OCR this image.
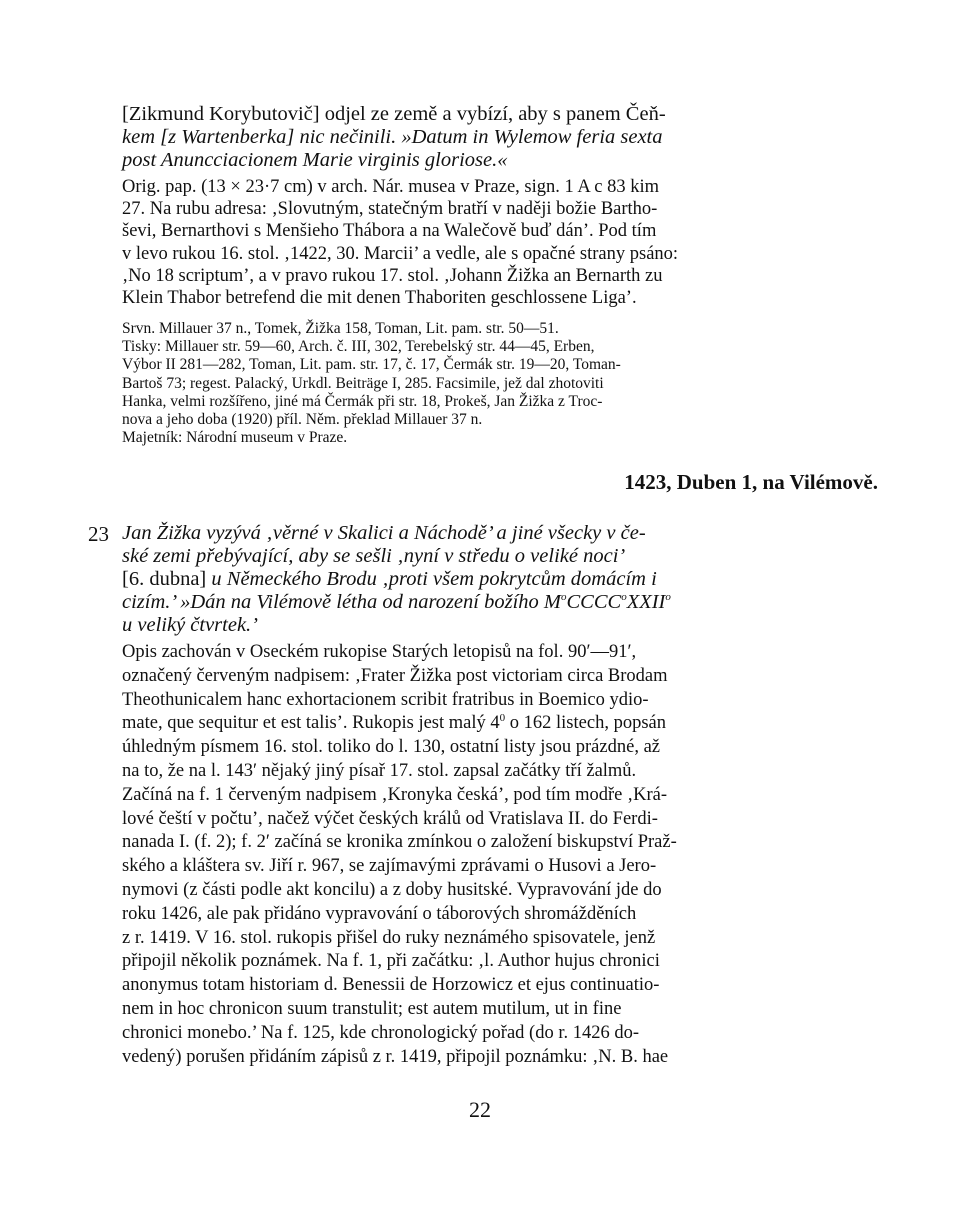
[Zikmund Korybutovič] odjel ze země a vybízí, aby s panem Čeň-
kem [z Wartenberka] nic nečinili. »Datum in Wylemow feria sexta
post Anuncciacionem Marie virginis gloriose.«
Orig. pap. (13 × 23·7 cm) v arch. Nár. musea v Praze, sign. 1 A c 83 kim
27. Na rubu adresa: ‚Slovutným, statečným bratří v naději božie Bartho-
ševi, Bernarthovi s Menšieho Thábora a na Walečově buď dán’. Pod tím
v levo rukou 16. stol. ‚1422, 30. Marcii’ a vedle, ale s opačné strany psáno:
‚No 18 scriptum’, a v pravo rukou 17. stol. ‚Johann Žižka an Bernarth zu
Klein Thabor betrefend die mit denen Thaboriten geschlossene Liga’.
Srvn. Millauer 37 n., Tomek, Žižka 158, Toman, Lit. pam. str. 50—51.
Tisky: Millauer str. 59—60, Arch. č. III, 302, Terebelský str. 44—45, Erben,
Výbor II 281—282, Toman, Lit. pam. str. 17, č. 17, Čermák str. 19—20, Toman-
Bartoš 73; regest. Palacký, Urkdl. Beiträge I, 285. Facsimile, jež dal zhotoviti
Hanka, velmi rozšířeno, jiné má Čermák při str. 18, Prokeš, Jan Žižka z Troc-
nova a jeho doba (1920) příl. Něm. překlad Millauer 37 n.
Majetník: Národní museum v Praze.
1423, Duben 1, na Vilémově.
23 Jan Žižka vyzývá ‚věrné v Skalici a Náchodě’ a jiné všecky v če-
ské zemi přebývající, aby se sešli ‚nyní v středu o veliké noci’
[6. dubna] u Německého Brodu ‚proti všem pokrytcům domácím i
cizím.’ »Dán na Vilémově létha od narození božího $M^oCCCC^oXXII^o$
u veliký čtvrtek.’
Opis zachován v Oseckém rukopise Starých letopisů na fol. 90′—91′,
označený červeným nadpisem: ‚Frater Žižka post victoriam circa Brodam
Theothunicalem hanc exhortacionem scribit fratribus in Boemico ydio-
mate, que sequitur et est talis’. Rukopis jest malý $4^0$ o 162 listech, popsán
úhledným písmem 16. stol. toliko do l. 130, ostatní listy jsou prázdné, až
na to, že na l. 143′ nějaký jiný písař 17. stol. zapsal začátky tří žalmů.
Začíná na f. 1 červeným nadpisem ‚Kronyka česká’, pod tím modře ‚Krá-
lové čeští v počtu’, načež výčet českých králů od Vratislava II. do Ferdi-
nanada I. (f. 2); f. 2′ začíná se kronika zmínkou o založení biskupství Praž-
ského a kláštera sv. Jiří r. 967, se zajímavými zprávami o Husovi a Jero-
nymovi (z části podle akt koncilu) a z doby husitské. Vypravování jde do
roku 1426, ale pak přidáno vypravování o táborových shromážděních
z r. 1419. V 16. stol. rukopis přišel do ruky neznámého spisovatele, jenž
připojil několik poznámek. Na f. 1, při začátku: ‚l. Author hujus chronici
anonymus totam historiam d. Benessii de Horzowicz et ejus continuatio-
nem in hoc chronicon suum transtulit; est autem mutilum, ut in fine
chronici monebo.’ Na f. 125, kde chronologický pořad (do r. 1426 do-
vedený) porušen přidáním zápisů z r. 1419, připojil poznámku: ‚N. B. hae
22
